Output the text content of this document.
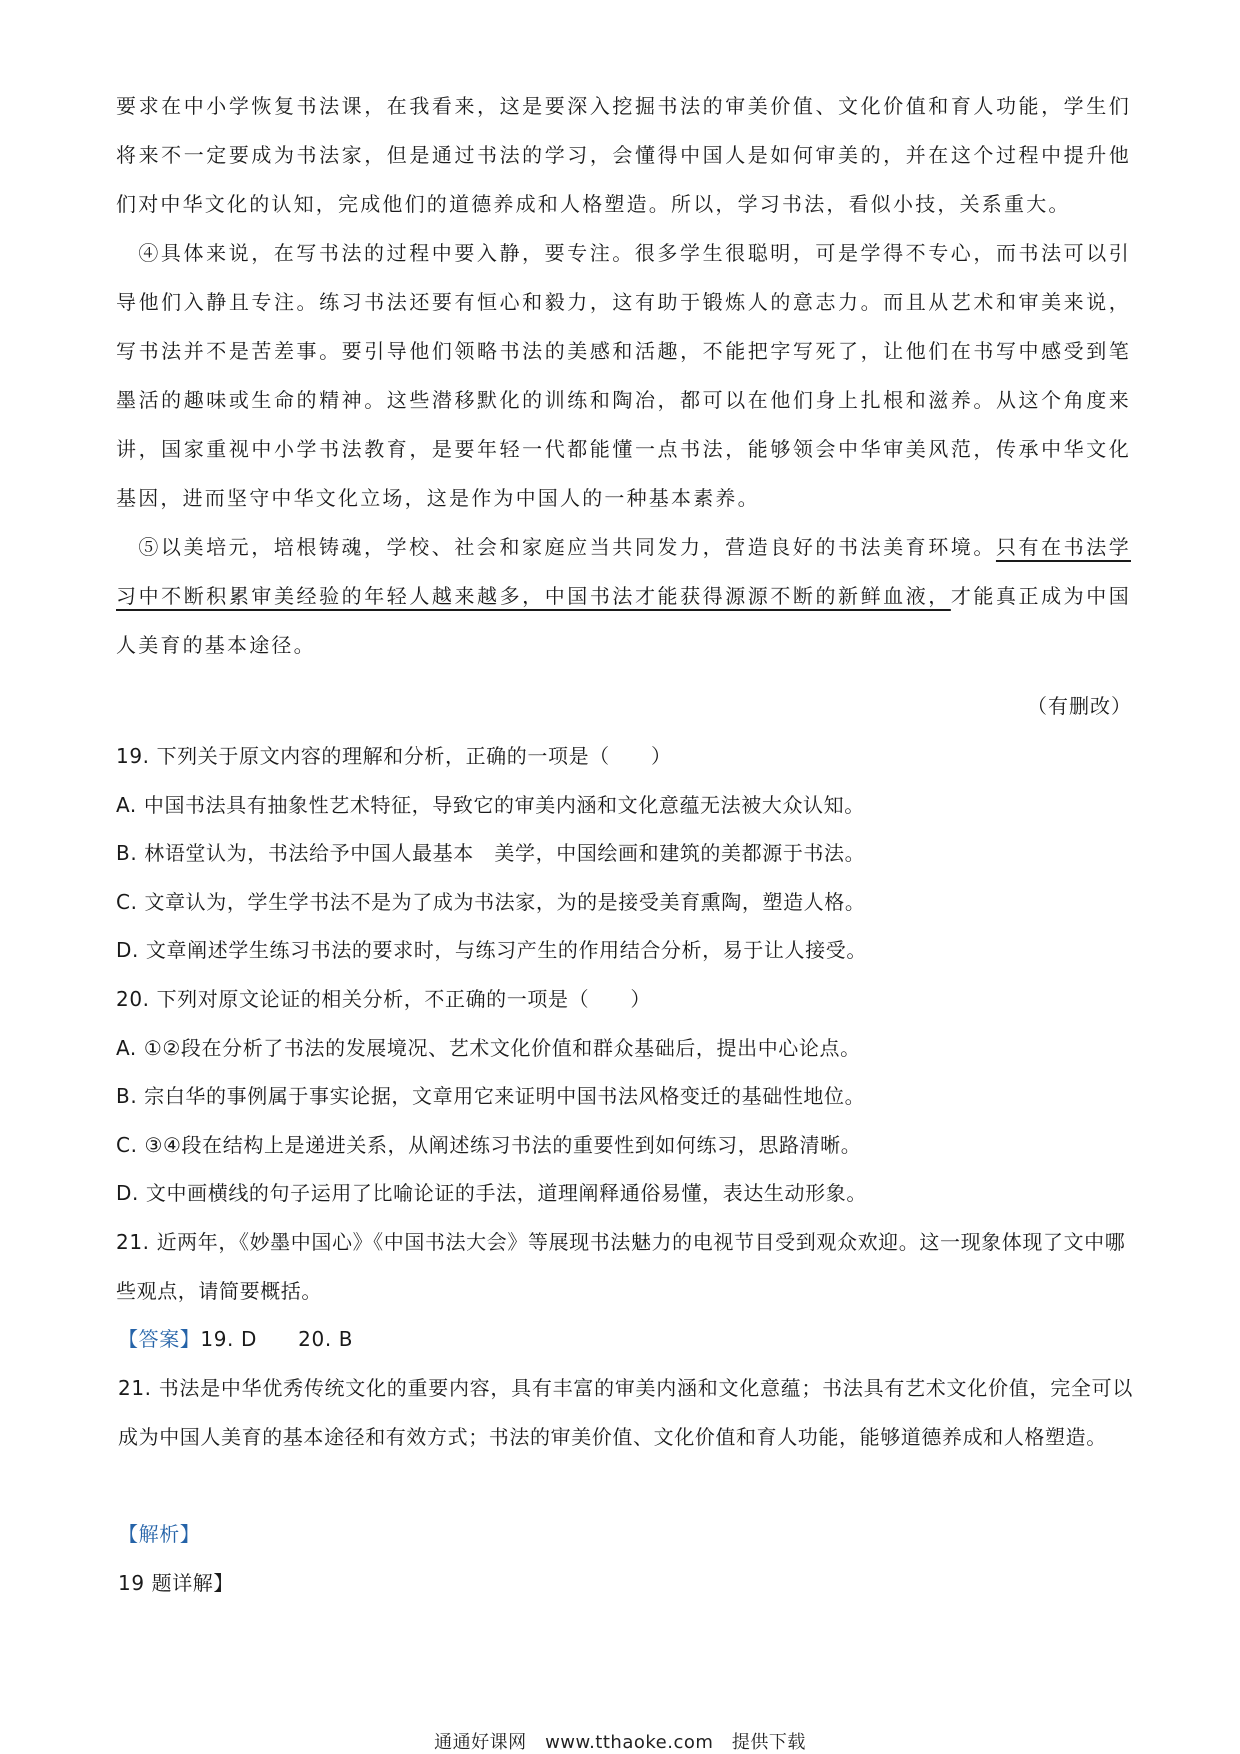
要求在中小学恢复书法课，在我看来，这是要深入挖掘书法的审美价值、文化价值和育人功能，学生们将来不一定要成为书法家，但是通过书法的学习，会懂得中国人是如何审美的，并在这个过程中提升他们对中华文化的认知，完成他们的道德养成和人格塑造。所以，学习书法，看似小技，关系重大。

④具体来说，在写书法的过程中要入静，要专注。很多学生很聪明，可是学得不专心，而书法可以引导他们入静且专注。练习书法还要有恒心和毅力，这有助于锻炼人的意志力。而且从艺术和审美来说，写书法并不是苦差事。要引导他们领略书法的美感和活趣，不能把字写死了，让他们在书写中感受到笔墨活的趣味或生命的精神。这些潜移默化的训练和陶冶，都可以在他们身上扎根和滋养。从这个角度来讲，国家重视中小学书法教育，是要年轻一代都能懂一点书法，能够领会中华审美风范，传承中华文化基因，进而坚守中华文化立场，这是作为中国人的一种基本素养。

⑤以美培元，培根铸魂，学校、社会和家庭应当共同发力，营造良好的书法美育环境。只有在书法学习中不断积累审美经验的年轻人越来越多，中国书法才能获得源源不断的新鲜血液，才能真正成为中国人美育的基本途径。

（有删改）

19. 下列关于原文内容的理解和分析，正确的一项是（　　）

A. 中国书法具有抽象性艺术特征，导致它的审美内涵和文化意蕴无法被大众认知。

B. 林语堂认为，书法给予中国人最基本　美学，中国绘画和建筑的美都源于书法。

C. 文章认为，学生学书法不是为了成为书法家，为的是接受美育熏陶，塑造人格。

D. 文章阐述学生练习书法的要求时，与练习产生的作用结合分析，易于让人接受。

20. 下列对原文论证的相关分析，不正确的一项是（　　）

A. ①②段在分析了书法的发展境况、艺术文化价值和群众基础后，提出中心论点。

B. 宗白华的事例属于事实论据，文章用它来证明中国书法风格变迁的基础性地位。

C. ③④段在结构上是递进关系，从阐述练习书法的重要性到如何练习，思路清晰。

D. 文中画横线的句子运用了比喻论证的手法，道理阐释通俗易懂，表达生动形象。

21. 近两年，《妙墨中国心》《中国书法大会》等展现书法魅力的电视节目受到观众欢迎。这一现象体现了文中哪些观点，请简要概括。

【答案】19. D　　20. B

21. 书法是中华优秀传统文化的重要内容，具有丰富的审美内涵和文化意蕴；书法具有艺术文化价值，完全可以成为中国人美育的基本途径和有效方式；书法的审美价值、文化价值和育人功能，能够道德养成和人格塑造。

【解析】

19 题详解】

通通好课网　www.tthaoke.com　提供下载
